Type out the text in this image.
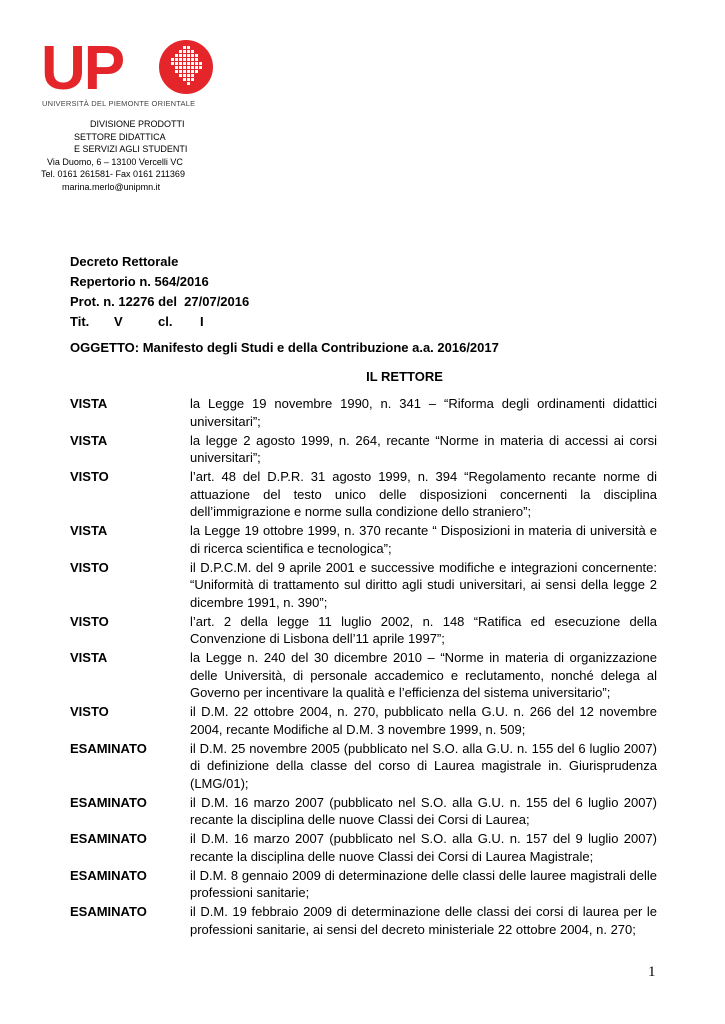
UP
UNIVERSITÀ DEL PIEMONTE ORIENTALE
DIVISIONE PRODOTTI
SETTORE DIDATTICA
E SERVIZI AGLI STUDENTI
Via Duomo, 6 – 13100 Vercelli VC
Tel. 0161 261581- Fax 0161 211369
marina.merlo@unipmn.it
Decreto Rettorale
Repertorio n. 564/2016
Prot. n. 12276 del  27/07/2016
Tit. V	cl. I
OGGETTO: Manifesto degli Studi e della Contribuzione a.a. 2016/2017
IL RETTORE
VISTA	la Legge 19 novembre 1990, n. 341 – “Riforma degli ordinamenti didattici universitari”;
VISTA	la legge 2 agosto 1999, n. 264, recante “Norme in materia di accessi ai corsi universitari”;
VISTO	l’art. 48 del D.P.R. 31 agosto 1999, n. 394 “Regolamento recante norme di attuazione del testo unico delle disposizioni concernenti la disciplina dell’immigrazione e norme sulla condizione dello straniero”;
VISTA	la Legge 19 ottobre 1999, n. 370 recante “ Disposizioni in materia di università e di ricerca scientifica e tecnologica”;
VISTO	il D.P.C.M. del 9 aprile 2001 e successive modifiche e integrazioni concernente: “Uniformità di trattamento sul diritto agli studi universitari, ai sensi della legge 2 dicembre 1991, n. 390”;
VISTO	l’art. 2 della legge 11 luglio 2002, n. 148 “Ratifica ed esecuzione della Convenzione di Lisbona dell’11 aprile 1997”;
VISTA	la Legge n. 240 del 30 dicembre 2010 – “Norme in materia di organizzazione delle Università, di personale accademico e reclutamento, nonché delega al Governo per incentivare la qualità e l’efficienza del sistema universitario”;
VISTO	il D.M. 22 ottobre 2004, n. 270, pubblicato nella G.U. n. 266 del 12 novembre 2004, recante Modifiche al D.M. 3 novembre 1999, n. 509;
ESAMINATO	il D.M. 25 novembre 2005 (pubblicato nel S.O. alla G.U. n. 155 del 6 luglio 2007) di definizione della classe del corso di Laurea magistrale in. Giurisprudenza (LMG/01);
ESAMINATO	il D.M. 16 marzo 2007 (pubblicato nel S.O. alla G.U. n. 155 del 6 luglio 2007) recante la disciplina delle nuove Classi dei Corsi di Laurea;
ESAMINATO	il D.M. 16 marzo 2007 (pubblicato nel S.O. alla G.U. n. 157 del 9 luglio 2007) recante la disciplina delle nuove Classi dei Corsi di Laurea Magistrale;
ESAMINATO	il D.M. 8 gennaio 2009 di determinazione delle classi delle lauree magistrali delle professioni sanitarie;
ESAMINATO	il D.M. 19 febbraio 2009 di determinazione delle classi dei corsi di laurea per le professioni sanitarie, ai sensi del decreto ministeriale 22 ottobre 2004, n. 270;
1
